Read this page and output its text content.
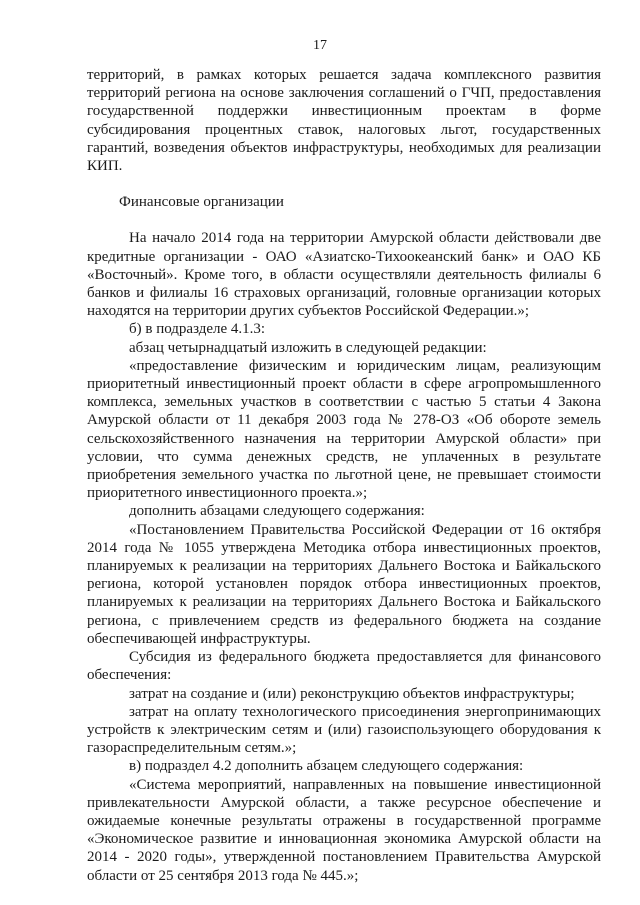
17

территорий, в рамках которых решается задача комплексного развития территорий региона на основе заключения соглашений о ГЧП, предоставления государственной поддержки инвестиционным проектам в форме субсидирования процентных ставок, налоговых льгот, государственных гарантий, возведения объектов инфраструктуры, необходимых для реализации КИП.

Финансовые организации

На начало 2014 года на территории Амурской области действовали две кредитные организации - ОАО «Азиатско-Тихоокеанский банк» и ОАО КБ «Восточный». Кроме того, в области осуществляли деятельность филиалы 6 банков и филиалы 16 страховых организаций, головные организации которых находятся на территории других субъектов Российской Федерации.»;

б) в подразделе 4.1.3:

абзац четырнадцатый изложить в следующей редакции:

«предоставление физическим и юридическим лицам, реализующим приоритетный инвестиционный проект области в сфере агропромышленного комплекса, земельных участков в соответствии с частью 5 статьи 4 Закона Амурской области от 11 декабря 2003 года № 278-ОЗ «Об обороте земель сельскохозяйственного назначения на территории Амурской области» при условии, что сумма денежных средств, не уплаченных в результате приобретения земельного участка по льготной цене, не превышает стоимости приоритетного инвестиционного проекта.»;

дополнить абзацами следующего содержания:

«Постановлением Правительства Российской Федерации от 16 октября 2014 года № 1055 утверждена Методика отбора инвестиционных проектов, планируемых к реализации на территориях Дальнего Востока и Байкальского региона, которой установлен порядок отбора инвестиционных проектов, планируемых к реализации на территориях Дальнего Востока и Байкальского региона, с привлечением средств из федерального бюджета на создание обеспечивающей инфраструктуры.

Субсидия из федерального бюджета предоставляется для финансового обеспечения:

затрат на создание и (или) реконструкцию объектов инфраструктуры;

затрат на оплату технологического присоединения энергопринимающих устройств к электрическим сетям и (или) газоиспользующего оборудования к газораспределительным сетям.»;

в) подраздел 4.2 дополнить абзацем следующего содержания:

«Система мероприятий, направленных на повышение инвестиционной привлекательности Амурской области, а также ресурсное обеспечение и ожидаемые конечные результаты отражены в государственной программе «Экономическое развитие и инновационная экономика Амурской области на 2014 - 2020 годы», утвержденной постановлением Правительства Амурской области от 25 сентября 2013 года № 445.»;
